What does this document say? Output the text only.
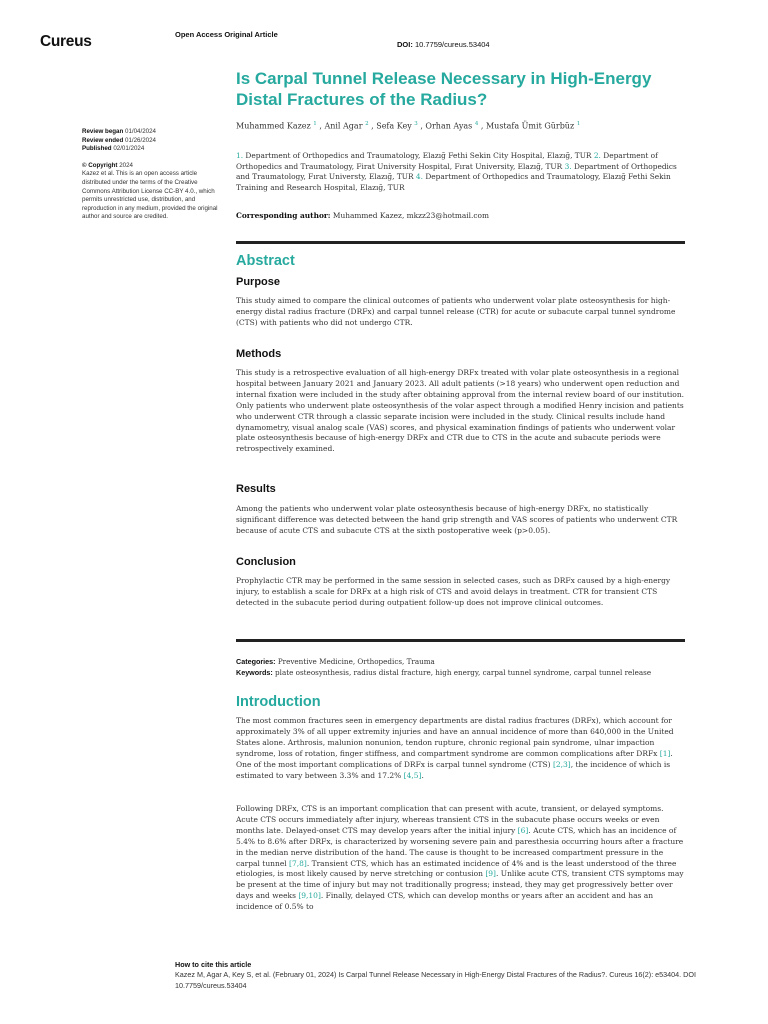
Cureus	Open Access Original Article
DOI: 10.7759/cureus.53404
Review began 01/04/2024
Review ended 01/26/2024
Published 02/01/2024
© Copyright 2024
Kazez et al. This is an open access article distributed under the terms of the Creative Commons Attribution License CC-BY 4.0., which permits unrestricted use, distribution, and reproduction in any medium, provided the original author and source are credited.
Is Carpal Tunnel Release Necessary in High-Energy Distal Fractures of the Radius?
Muhammed Kazez $^1$ , Anil Agar $^2$ , Sefa Key $^3$ , Orhan Ayas $^4$ , Mustafa Ümit Gürbüz $^1$
1. Department of Orthopedics and Traumatology, Elazığ Fethi Sekin City Hospital, Elazığ, TUR 2. Department of Orthopedics and Traumatology, Firat University Hospital, Fırat University, Elazığ, TUR 3. Department of Orthopedics and Traumatology, Fırat Universty, Elazığ, TUR 4. Department of Orthopedics and Traumatology, Elazığ Fethi Sekin Training and Research Hospital, Elazığ, TUR
Corresponding author: Muhammed Kazez, mkzz23@hotmail.com
Abstract
Purpose

This study aimed to compare the clinical outcomes of patients who underwent volar plate osteosynthesis for high-energy distal radius fracture (DRFx) and carpal tunnel release (CTR) for acute or subacute carpal tunnel syndrome (CTS) with patients who did not undergo CTR.

Methods

This study is a retrospective evaluation of all high-energy DRFx treated with volar plate osteosynthesis in a regional hospital between January 2021 and January 2023. All adult patients (>18 years) who underwent open reduction and internal fixation were included in the study after obtaining approval from the internal review board of our institution. Only patients who underwent plate osteosynthesis of the volar aspect through a modified Henry incision and patients who underwent CTR through a classic separate incision were included in the study. Clinical results include hand dynamometry, visual analog scale (VAS) scores, and physical examination findings of patients who underwent volar plate osteosynthesis because of high-energy DRFx and CTR due to CTS in the acute and subacute periods were retrospectively examined.

Results

Among the patients who underwent volar plate osteosynthesis because of high-energy DRFx, no statistically significant difference was detected between the hand grip strength and VAS scores of patients who underwent CTR because of acute CTS and subacute CTS at the sixth postoperative week (p>0.05).

Conclusion

Prophylactic CTR may be performed in the same session in selected cases, such as DRFx caused by a high-energy injury, to establish a scale for DRFx at a high risk of CTS and avoid delays in treatment. CTR for transient CTS detected in the subacute period during outpatient follow-up does not improve clinical outcomes.

Categories: Preventive Medicine, Orthopedics, Trauma
Keywords: plate osteosynthesis, radius distal fracture, high energy, carpal tunnel syndrome, carpal tunnel release
Introduction

The most common fractures seen in emergency departments are distal radius fractures (DRFx), which account for approximately 3% of all upper extremity injuries and have an annual incidence of more than 640,000 in the United States alone. Arthrosis, malunion nonunion, tendon rupture, chronic regional pain syndrome, ulnar impaction syndrome, loss of rotation, finger stiffness, and compartment syndrome are common complications after DRFx [1]. One of the most important complications of DRFx is carpal tunnel syndrome (CTS) [2,3], the incidence of which is estimated to vary between 3.3% and 17.2% [4,5].

Following DRFx, CTS is an important complication that can present with acute, transient, or delayed symptoms. Acute CTS occurs immediately after injury, whereas transient CTS in the subacute phase occurs weeks or even months late. Delayed-onset CTS may develop years after the initial injury [6]. Acute CTS, which has an incidence of 5.4% to 8.6% after DRFx, is characterized by worsening severe pain and paresthesia occurring hours after a fracture in the median nerve distribution of the hand. The cause is thought to be increased compartment pressure in the carpal tunnel [7,8]. Transient CTS, which has an estimated incidence of 4% and is the least understood of the three etiologies, is most likely caused by nerve stretching or contusion [9]. Unlike acute CTS, transient CTS symptoms may be present at the time of injury but may not traditionally progress; instead, they may get progressively better over days and weeks [9,10]. Finally, delayed CTS, which can develop months or years after an accident and has an incidence of 0.5% to

How to cite this article
Kazez M, Agar A, Key S, et al. (February 01, 2024) Is Carpal Tunnel Release Necessary in High-Energy Distal Fractures of the Radius?. Cureus 16(2): e53404. DOI 10.7759/cureus.53404
